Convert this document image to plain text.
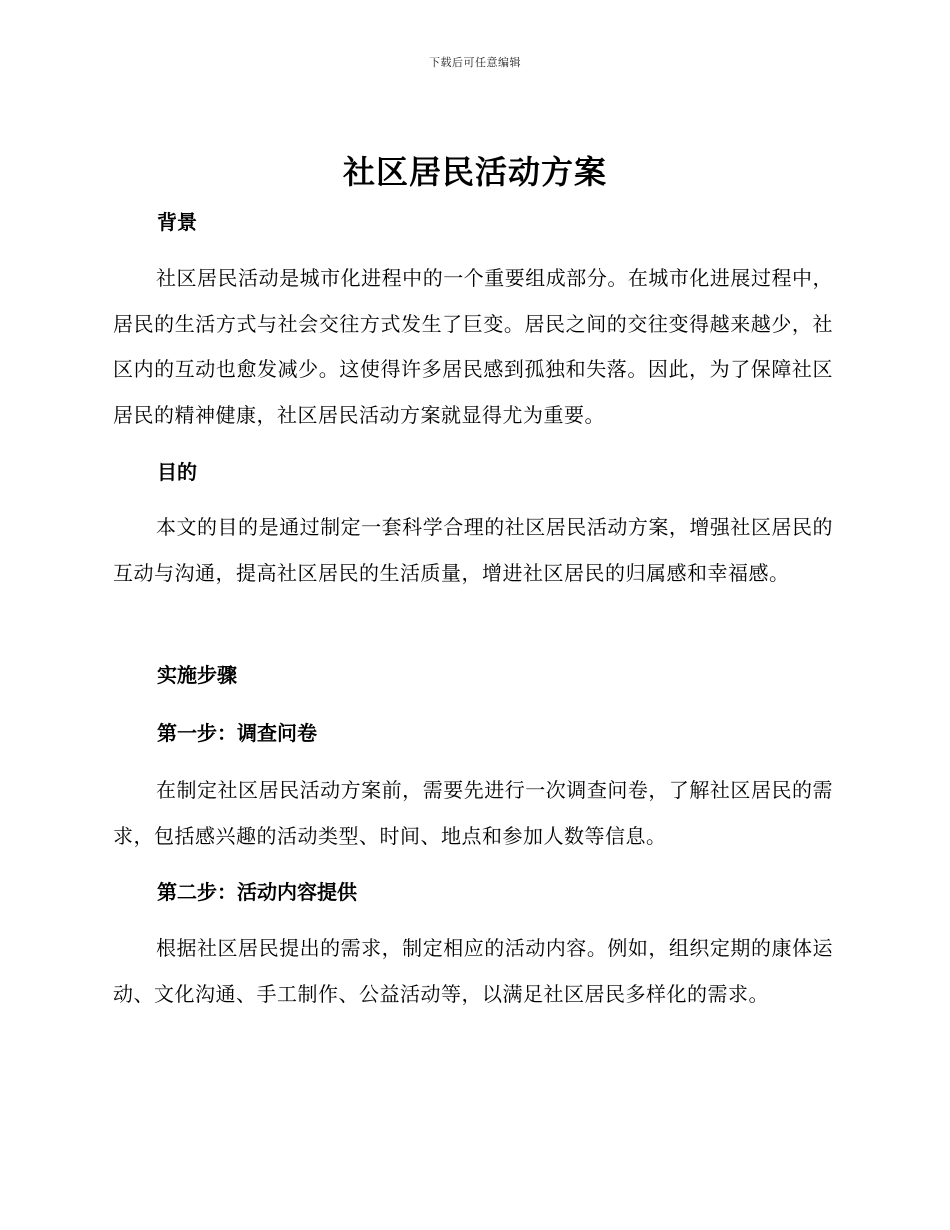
下载后可任意编辑
社区居民活动方案
背景

社区居民活动是城市化进程中的一个重要组成部分。在城市化进展过程中，居民的生活方式与社会交往方式发生了巨变。居民之间的交往变得越来越少，社区内的互动也愈发减少。这使得许多居民感到孤独和失落。因此，为了保障社区居民的精神健康，社区居民活动方案就显得尤为重要。

目的

本文的目的是通过制定一套科学合理的社区居民活动方案，增强社区居民的互动与沟通，提高社区居民的生活质量，增进社区居民的归属感和幸福感。

实施步骤
第一步：调查问卷

在制定社区居民活动方案前，需要先进行一次调查问卷，了解社区居民的需求，包括感兴趣的活动类型、时间、地点和参加人数等信息。

第二步：活动内容提供

根据社区居民提出的需求，制定相应的活动内容。例如，组织定期的康体运动、文化沟通、手工制作、公益活动等，以满足社区居民多样化的需求。
